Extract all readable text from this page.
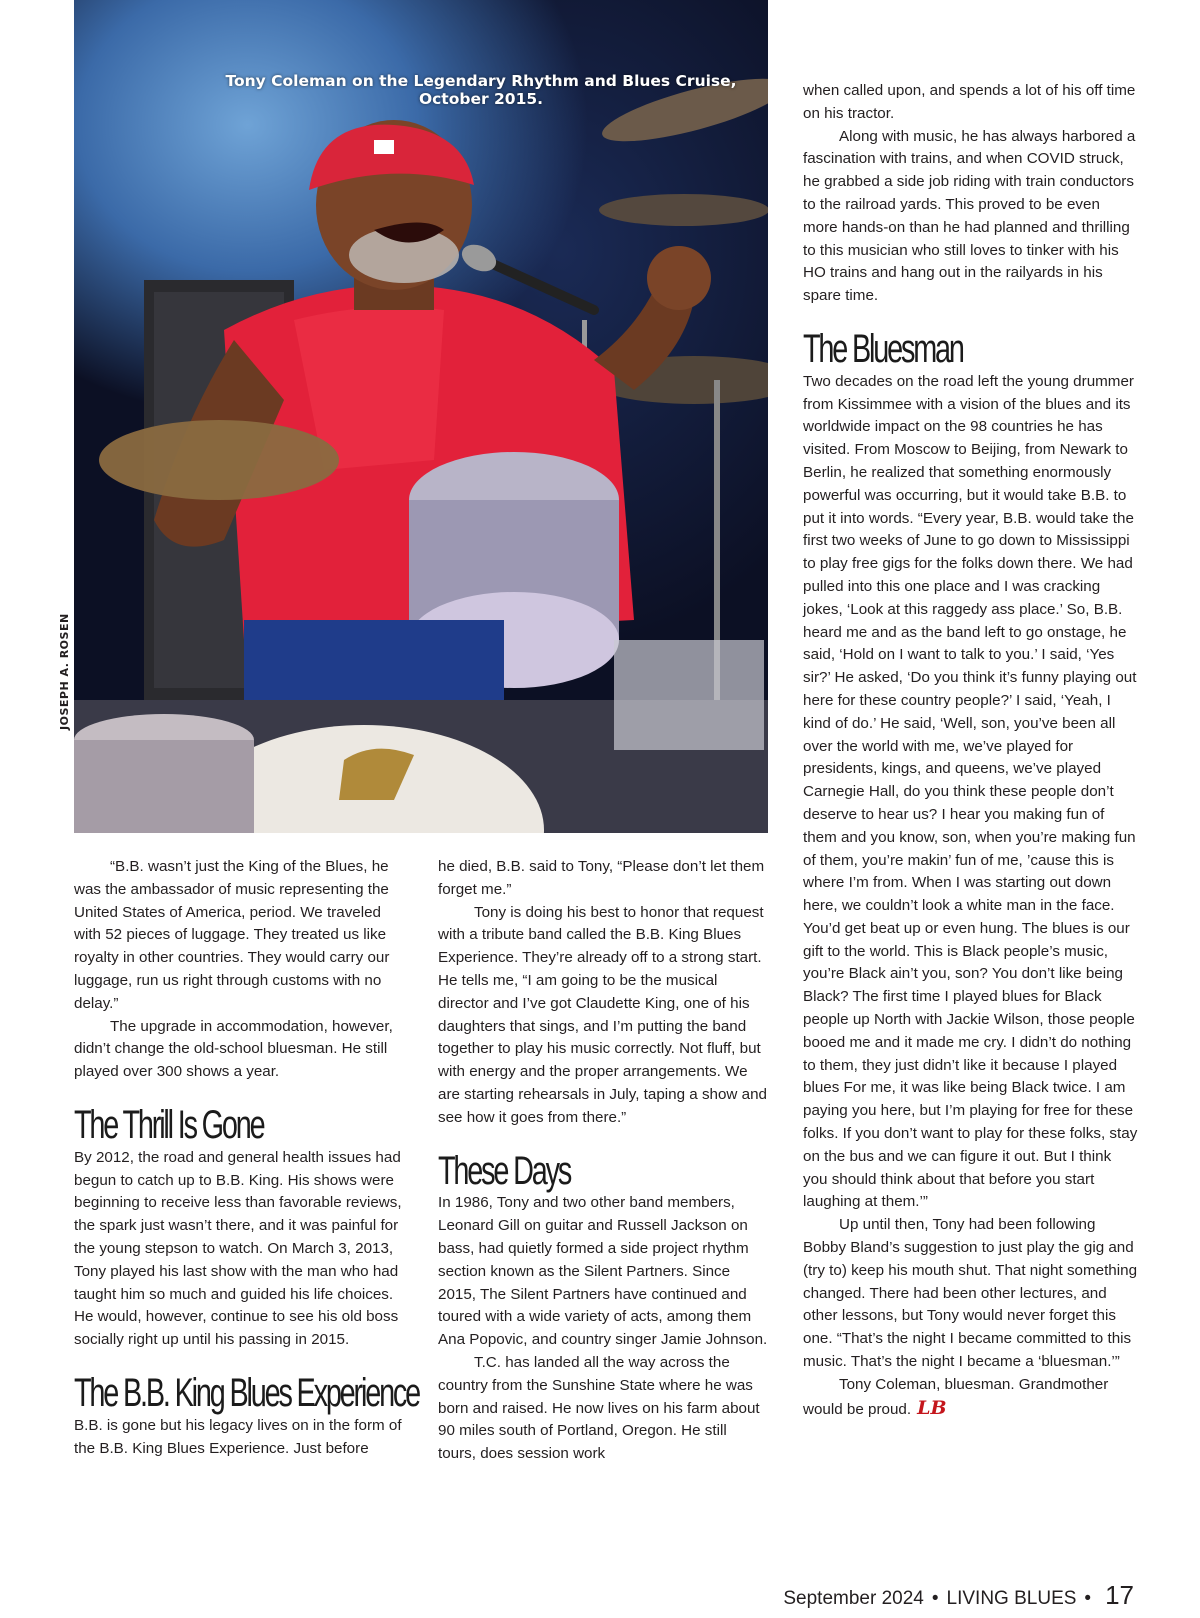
Tony Coleman on the Legendary Rhythm and Blues Cruise, October 2015.
JOSEPH A. ROSEN

“B.B. wasn’t just the King of the Blues, he was the ambassador of music representing the United States of America, period. We traveled with 52 pieces of luggage. They treated us like royalty in other countries. They would carry our luggage, run us right through customs with no delay.”

The upgrade in accommodation, however, didn’t change the old-school bluesman. He still played over 300 shows a year.

The Thrill Is Gone

By 2012, the road and general health issues had begun to catch up to B.B. King. His shows were beginning to receive less than favorable reviews, the spark just wasn’t there, and it was painful for the young stepson to watch. On March 3, 2013, Tony played his last show with the man who had taught him so much and guided his life choices. He would, however, continue to see his old boss socially right up until his passing in 2015.

The B.B. King Blues Experience

B.B. is gone but his legacy lives on in the form of the B.B. King Blues Experience. Just before

he died, B.B. said to Tony, “Please don’t let them forget me.”

Tony is doing his best to honor that request with a tribute band called the B.B. King Blues Experience. They’re already off to a strong start. He tells me, “I am going to be the musical director and I’ve got Claudette King, one of his daughters that sings, and I’m putting the band together to play his music correctly. Not fluff, but with energy and the proper arrangements. We are starting rehearsals in July, taping a show and see how it goes from there.”

These Days

In 1986, Tony and two other band members, Leonard Gill on guitar and Russell Jackson on bass, had quietly formed a side project rhythm section known as the Silent Partners. Since 2015, The Silent Partners have continued and toured with a wide variety of acts, among them Ana Popovic, and country singer Jamie Johnson.

T.C. has landed all the way across the country from the Sunshine State where he was born and raised. He now lives on his farm about 90 miles south of Portland, Oregon. He still tours, does session work

when called upon, and spends a lot of his off time on his tractor.

Along with music, he has always harbored a fascination with trains, and when COVID struck, he grabbed a side job riding with train conductors to the railroad yards. This proved to be even more hands-on than he had planned and thrilling to this musician who still loves to tinker with his HO trains and hang out in the railyards in his spare time.

The Bluesman

Two decades on the road left the young drummer from Kissimmee with a vision of the blues and its worldwide impact on the 98 countries he has visited. From Moscow to Beijing, from Newark to Berlin, he realized that something enormously powerful was occurring, but it would take B.B. to put it into words. “Every year, B.B. would take the first two weeks of June to go down to Mississippi to play free gigs for the folks down there. We had pulled into this one place and I was cracking jokes, ‘Look at this raggedy ass place.’ So, B.B. heard me and as the band left to go onstage, he said, ‘Hold on I want to talk to you.’ I said, ‘Yes sir?’ He asked, ‘Do you think it’s funny playing out here for these country people?’ I said, ‘Yeah, I kind of do.’ He said, ‘Well, son, you’ve been all over the world with me, we’ve played for presidents, kings, and queens, we’ve played Carnegie Hall, do you think these people don’t deserve to hear us? I hear you making fun of them and you know, son, when you’re making fun of them, you’re makin’ fun of me, ’cause this is where I’m from. When I was starting out down here, we couldn’t look a white man in the face. You’d get beat up or even hung. The blues is our gift to the world. This is Black people’s music, you’re Black ain’t you, son? You don’t like being Black? The first time I played blues for Black people up North with Jackie Wilson, those people booed me and it made me cry. I didn’t do nothing to them, they just didn’t like it because I played blues For me, it was like being Black twice. I am paying you here, but I’m playing for free for these folks. If you don’t want to play for these folks, stay on the bus and we can figure it out. But I think you should think about that before you start laughing at them.’”

Up until then, Tony had been following Bobby Bland’s suggestion to just play the gig and (try to) keep his mouth shut. That night something changed. There had been other lectures, and other lessons, but Tony would never forget this one. “That’s the night I became committed to this music. That’s the night I became a ‘bluesman.’”

Tony Coleman, bluesman. Grandmother would be proud. LB

September 2024 • LIVING BLUES • 17
